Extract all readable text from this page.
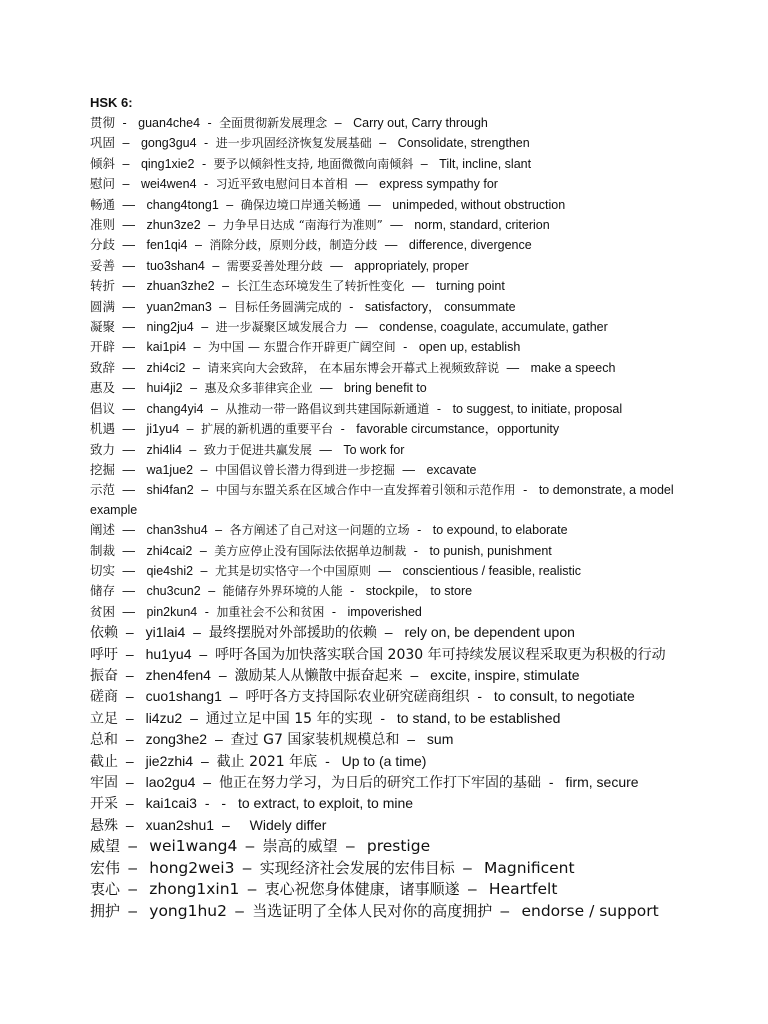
HSK 6:
贯彻 - guan4che4 - 全面贯彻新发展理念 – Carry out, Carry through
巩固 – gong3gu4 - 进一步巩固经济恢复发展基础 – Consolidate, strengthen
倾斜 – qing1xie2 - 要予以倾斜性支持, 地面微微向南倾斜 – Tilt, incline, slant
慰问 – wei4wen4 - 习近平致电慰问日本首相 — express sympathy for
畅通 — chang4tong1 – 确保边境口岸通关畅通 — unimpeded, without obstruction
准则 — zhun3ze2 – 力争早日达成 “南海行为准则” — norm, standard, criterion
分歧 — fen1qi4 – 消除分歧，原则分歧，制造分歧 — difference, divergence
妥善 — tuo3shan4 – 需要妥善处理分歧 — appropriately, proper
转折 — zhuan3zhe2 – 长江生态环境发生了转折性变化 — turning point
圆满 — yuan2man3 – 目标任务圆满完成的 - satisfactory， consummate
凝聚 — ning2ju4 – 进一步凝聚区域发展合力 — condense, coagulate, accumulate, gather
开辟 — kai1pi4 – 为中国 — 东盟合作开辟更广阔空间 - open up, establish
致辞 — zhi4ci2 – 请来宾向大会致辞， 在本届东博会开幕式上视频致辞说 — make a speech
惠及 — hui4ji2 – 惠及众多菲律宾企业 — bring benefit to
倡议 — chang4yi4 – 从推动一带一路倡议到共建国际新通道 - to suggest, to initiate, proposal
机遇 — ji1yu4 – 扩展的新机遇的重要平台 - favorable circumstance，opportunity
致力 — zhi4li4 – 致力于促进共赢发展 — To work for
挖掘 — wa1jue2 – 中国倡议曾长潜力得到进一步挖掘 — excavate
示范 — shi4fan2 – 中国与东盟关系在区域合作中一直发挥着引领和示范作用 - to demonstrate, a model example
阐述 — chan3shu4 – 各方阐述了自己对这一问题的立场 - to expound, to elaborate
制裁 — zhi4cai2 – 美方应停止没有国际法依据单边制裁 - to punish, punishment
切实 — qie4shi2 – 尤其是切实恪守一个中国原则 — conscientious / feasible, realistic
储存 — chu3cun2 – 能储存外界环境的人能 - stockpile， to store
贫困 — pin2kun4 - 加重社会不公和贫困 - impoverished
依赖 – yi1lai4 – 最终摆脱对外部援助的依赖 – rely on, be dependent upon
呼吁 – hu1yu4 – 呼吁各国为加快落实联合国 2030 年可持续发展议程采取更为积极的行动
振奋 – zhen4fen4 – 激励某人从懒散中振奋起来 – excite, inspire, stimulate
磋商 – cuo1shang1 – 呼吁各方支持国际农业研究磋商组织 - to consult, to negotiate
立足 – li4zu2 – 通过立足中国 15 年的实现 - to stand, to be established
总和 – zong3he2 – 查过 G7 国家装机规模总和 – sum
截止 – jie2zhi4 – 截止 2021 年底 - Up to (a time)
牢固 – lao2gu4 – 他正在努力学习，为日后的研究工作打下牢固的基础 - firm, secure
开采 – kai1cai3 - - to extract, to exploit, to mine
悬殊 – xuan2shu1 – Widely differ
威望 – wei1wang4 – 崇高的威望 – prestige
宏伟 – hong2wei3 – 实现经济社会发展的宏伟目标 – Magnificent
衷心 – zhong1xin1 – 衷心祝您身体健康，诸事顺遂 – Heartfelt
拥护 – yong1hu2 – 当选证明了全体人民对你的高度拥护 – endorse / support
